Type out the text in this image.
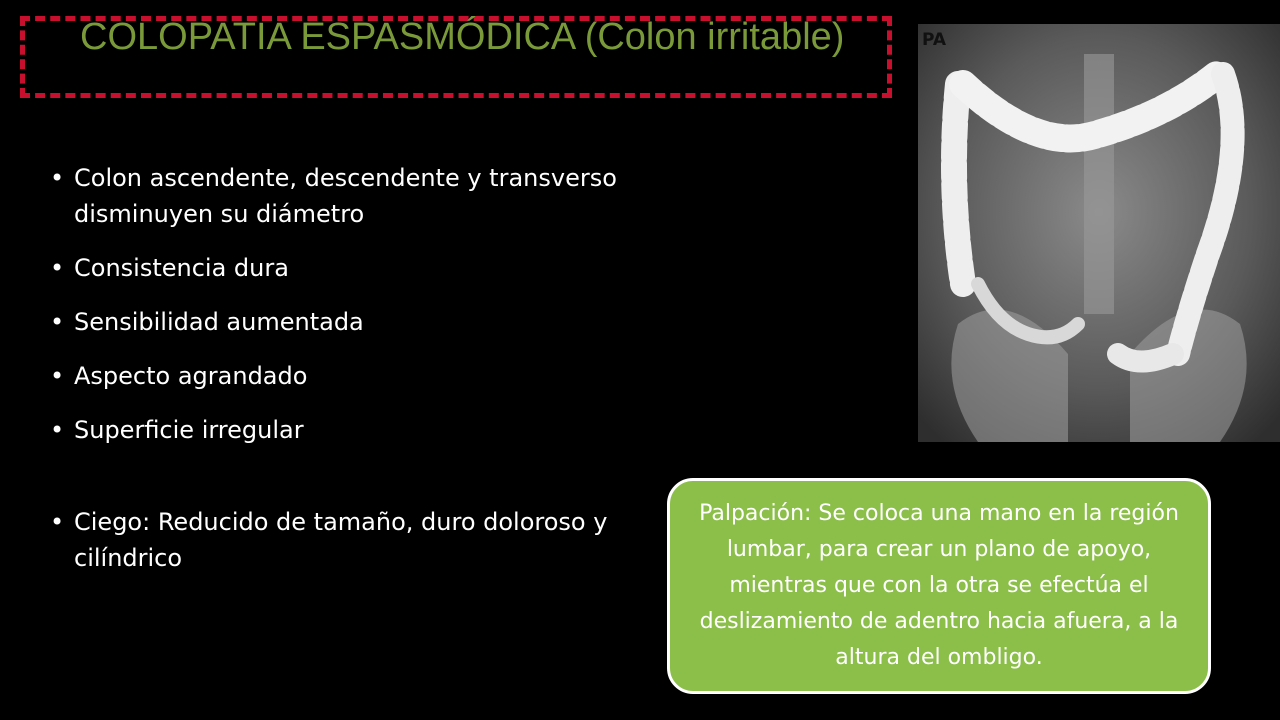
COLOPATIA ESPASMÓDICA (Colon irritable)
• Colon ascendente, descendente y transverso disminuyen su diámetro
• Consistencia dura
• Sensibilidad aumentada
• Aspecto agrandado
• Superficie irregular
• Ciego: Reducido de tamaño, duro doloroso y cilíndrico
PA
Palpación: Se coloca una mano en la región lumbar, para crear un plano de apoyo, mientras que con la otra se efectúa el deslizamiento de adentro hacia afuera, a la altura del ombligo.
